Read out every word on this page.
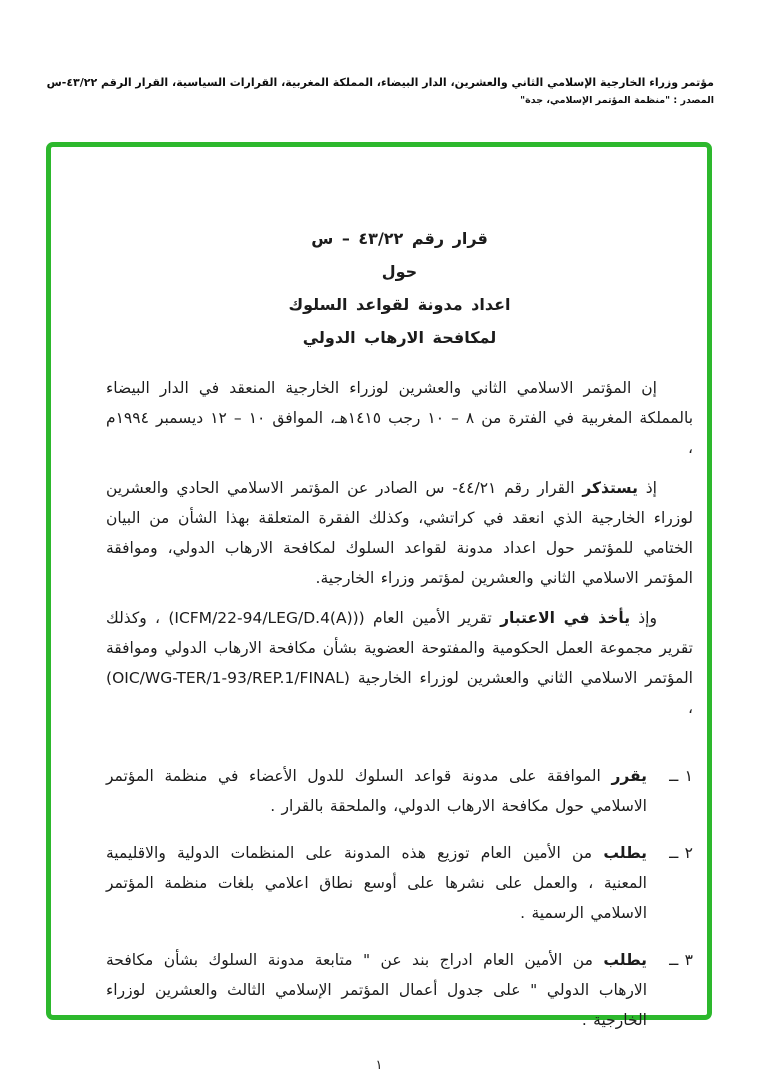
مؤتمر وزراء الخارجية الإسلامي الثاني والعشرين، الدار البيضاء، المملكة المغربية، القرارات السياسية، القرار الرقم ٤٣/٢٢-س
المصدر : "منظمة المؤتمر الإسلامي، جدة"
قرار رقم ٤٣/٢٢ – س
حول
اعداد مدونة لقواعد السلوك
لمكافحة الارهاب الدولي

إن المؤتمر الاسلامي الثاني والعشرين لوزراء الخارجية المنعقد في الدار البيضاء بالمملكة المغربية في الفترة من ٨ – ١٠ رجب ١٤١٥هـ، الموافق ١٠ – ١٢ ديسمبر ١٩٩٤م ،

إذ يستذكر القرار رقم ٤٤/٢١- س الصادر عن المؤتمر الاسلامي الحادي والعشرين لوزراء الخارجية الذي انعقد في كراتشي، وكذلك الفقرة المتعلقة بهذا الشأن من البيان الختامي للمؤتمر حول اعداد مدونة لقواعد السلوك لمكافحة الارهاب الدولي، وموافقة المؤتمر الاسلامي الثاني والعشرين لمؤتمر وزراء الخارجية.

وإذ يأخذ في الاعتبار تقرير الأمين العام ((ICFM/22-94/LEG/D.4(A)) ، وكذلك تقرير مجموعة العمل الحكومية والمفتوحة العضوية بشأن مكافحة الارهاب الدولي وموافقة المؤتمر الاسلامي الثاني والعشرين لوزراء الخارجية (OIC/WG-TER/1-93/REP.1/FINAL) ،

١ ــ
يقرر الموافقة على مدونة قواعد السلوك للدول الأعضاء في منظمة المؤتمر الاسلامي حول مكافحة الارهاب الدولي، والملحقة بالقرار .
٢ ــ
يطلب من الأمين العام توزيع هذه المدونة على المنظمات الدولية والاقليمية المعنية ، والعمل على نشرها على أوسع نطاق اعلامي بلغات منظمة المؤتمر الاسلامي الرسمية .
٣ ــ
يطلب من الأمين العام ادراج بند عن " متابعة مدونة السلوك بشأن مكافحة الارهاب الدولي " على جدول أعمال المؤتمر الإسلامي الثالث والعشرين لوزراء الخارجية .
١
